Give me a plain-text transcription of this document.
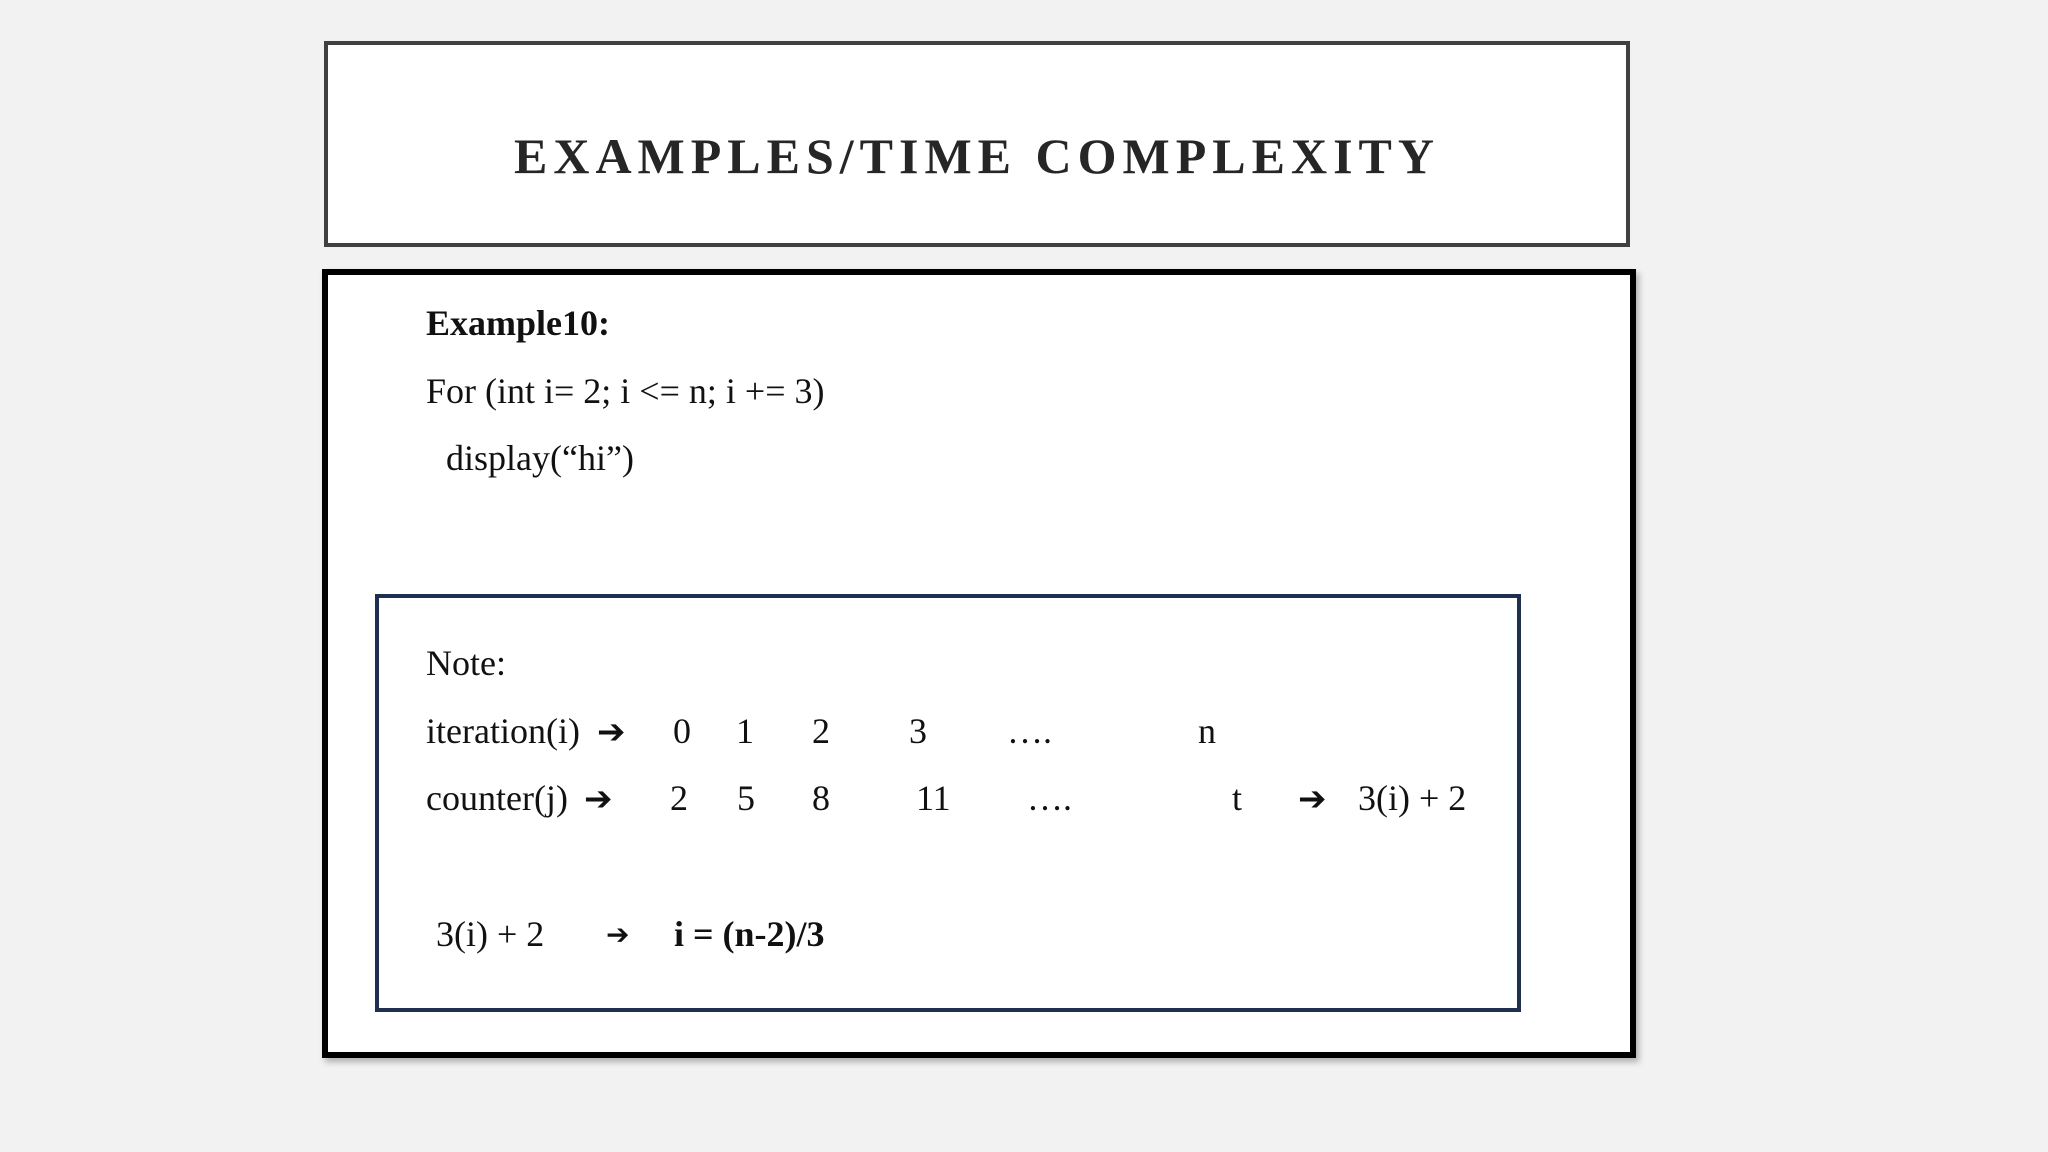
EXAMPLES/TIME COMPLEXITY
Example10:
For (int i= 2; i <= n; i += 3)
display(“hi”)
Note:
iteration(i) ➔ 0 1 2 3 ….	n
counter(j) ➔ 2 5 8 11 ….	t ➔ 3(i) + 2
3(i) + 2 ➔ i = (n-2)/3
